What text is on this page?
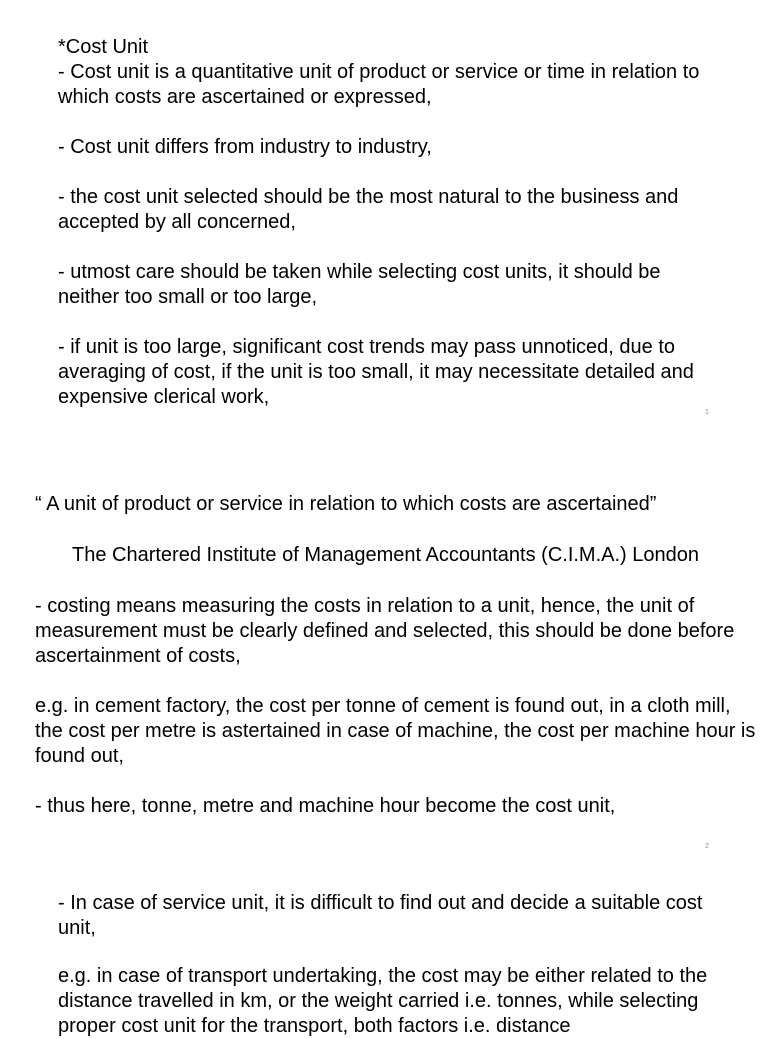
*Cost Unit

- Cost unit is a quantitative unit of product or service or time in relation to which costs are ascertained or expressed,

- Cost unit differs from industry to industry,

- the cost unit selected should be the most natural to the business and accepted by all concerned,

- utmost care should be taken while selecting cost units, it should be neither too small or too large,

- if unit is too large, significant cost trends may pass unnoticed, due to averaging of cost, if the unit is too small, it may necessitate detailed and expensive clerical work,

1

“ A unit of product or service in relation to which costs are ascertained”

The Chartered Institute of Management Accountants (C.I.M.A.) London

- costing means measuring the costs in relation to a unit, hence, the unit of measurement must be clearly defined and selected, this should be done before ascertainment of costs,

e.g. in cement factory, the cost per tonne of cement is found out, in a cloth mill, the cost per metre is astertained in case of machine, the cost per machine hour is found out,

- thus here, tonne, metre and machine hour become the cost unit,

2

- In case of service unit, it is difficult to find out and decide a suitable cost unit,

e.g. in case of transport undertaking, the cost may be either related to the distance travelled in km, or the weight carried i.e. tonnes, while selecting proper cost unit for the transport, both factors i.e. distance
